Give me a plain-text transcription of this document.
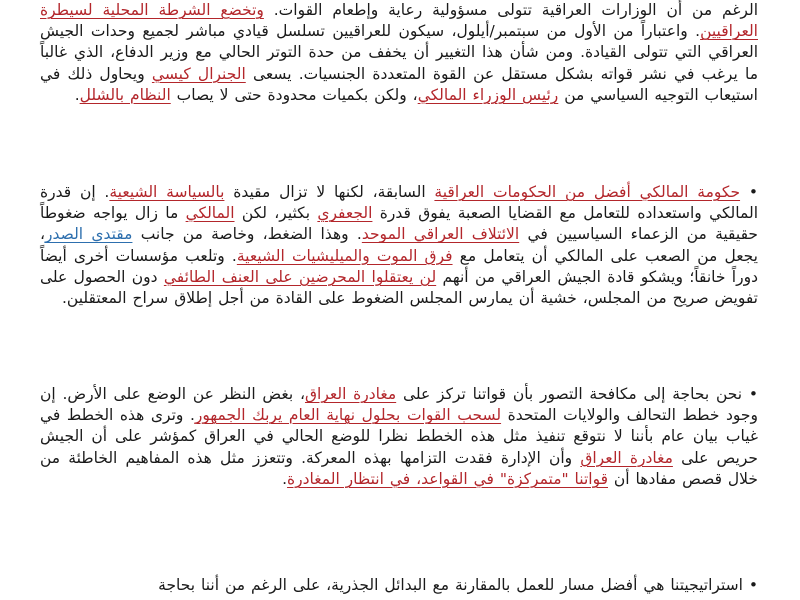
الرغم من أن الوزارات العراقية تتولى مسؤولية رعاية وإطعام القوات. وتخضع الشرطة المحلية لسيطرة العراقيين. واعتباراً من الأول من سبتمبر/أيلول، سيكون للعراقيين تسلسل قيادي مباشر لجميع وحدات الجيش العراقي التي تتولى القيادة. ومن شأن هذا التغيير أن يخفف من حدة التوتر الحالي مع وزير الدفاع، الذي غالباً ما يرغب في نشر قواته بشكل مستقل عن القوة المتعددة الجنسيات. يسعى الجنرال كيسي ويحاول ذلك في استيعاب التوجيه السياسي من رئيس الوزراء المالكي، ولكن بكميات محدودة حتى لا يصاب النظام بالشلل.

• حكومة المالكي أفضل من الحكومات العراقية السابقة، لكنها لا تزال مقيدة بالسياسة الشيعية. إن قدرة المالكي واستعداده للتعامل مع القضايا الصعبة يفوق قدرة الجعفري بكثير، لكن المالكي ما زال يواجه ضغوطاً حقيقية من الزعماء السياسيين في الائتلاف العراقي الموحد. وهذا الضغط، وخاصة من جانب مقتدى الصدر، يجعل من الصعب على المالكي أن يتعامل مع فرق الموت والميليشيات الشيعية. وتلعب مؤسسات أخرى أيضاً دوراً خانقاً؛ ويشكو قادة الجيش العراقي من أنهم لن يعتقلوا المحرضين على العنف الطائفي دون الحصول على تفويض صريح من المجلس، خشية أن يمارس المجلس الضغوط على القادة من أجل إطلاق سراح المعتقلين.

• نحن بحاجة إلى مكافحة التصور بأن قواتنا تركز على مغادرة العراق، بغض النظر عن الوضع على الأرض. إن وجود خطط التحالف والولايات المتحدة لسحب القوات بحلول نهاية العام يربك الجمهور. وترى هذه الخطط في غياب بيان عام بأننا لا نتوقع تنفيذ مثل هذه الخطط نظرا للوضع الحالي في العراق كمؤشر على أن الجيش حريص على مغادرة العراق وأن الإدارة فقدت التزامها بهذه المعركة. وتتعزز مثل هذه المفاهيم الخاطئة من خلال قصص مفادها أن قواتنا "متمركزة" في القواعد، في انتظار المغادرة.

• استراتيجيتنا هي أفضل مسار للعمل بالمقارنة مع البدائل الجذرية، على الرغم من أننا بحاجة
